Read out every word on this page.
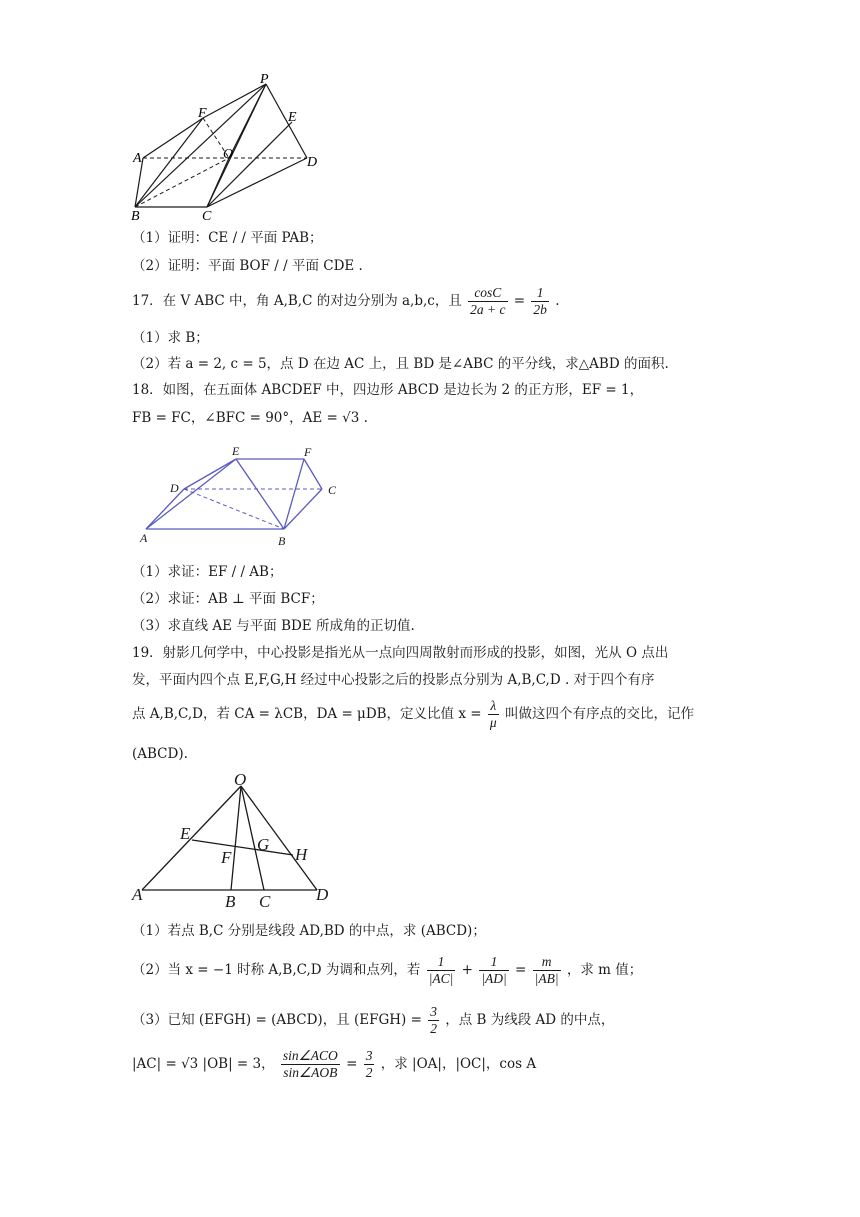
P
F	E
A	O
D
B	C
（1）证明：CE / / 平面 PAB；
（2）证明：平面 BOF / / 平面 CDE .
17．在 V ABC 中，角 A,B,C 的对边分别为 a,b,c，且 $\frac{\cos C}{2a + c} = \frac{1}{2b}$ .
（1）求 B；
（2）若 a = 2, c = 5，点 D 在边 AC 上，且 BD 是∠ABC 的平分线，求△ABD 的面积.
18．如图，在五面体 ABCDEF 中，四边形 ABCD 是边长为 2 的正方形，EF = 1，
FB = FC，∠BFC = 90°，AE = √3 .
E	F
D	C
A	B
（1）求证：EF / / AB；
（2）求证：AB ⊥ 平面 BCF；
（3）求直线 AE 与平面 BDE 所成角的正切值.
19．射影几何学中，中心投影是指光从一点向四周散射而形成的投影，如图，光从 O 点出
发，平面内四个点 E,F,G,H 经过中心投影之后的投影点分别为 A,B,C,D . 对于四个有序
点 A,B,C,D，若 CA = λCB，DA = μDB，定义比值 $x = \frac{\lambda}{\mu}$ 叫做这四个有序点的交比，记作
(ABCD).
O
E
G
H
F
A	B C	D
（1）若点 B,C 分别是线段 AD,BD 的中点，求 (ABCD)；
（2）当 x = −1 时称 A,B,C,D 为调和点列，若 $\frac{1}{|AC|} + \frac{1}{|AD|} = \frac{m}{|AB|}$ ，求 m 值；
（3）已知 (EFGH) = (ABCD)，且 (EFGH) = $\frac{3}{2}$ ，点 B 为线段 AD 的中点，
|AC| = √3 |OB| = 3， $\frac{\text{sin∠ACO}}{\text{sin∠AOB}} = \frac{3}{2}$ ，求 |OA|，|OC|，cos A
